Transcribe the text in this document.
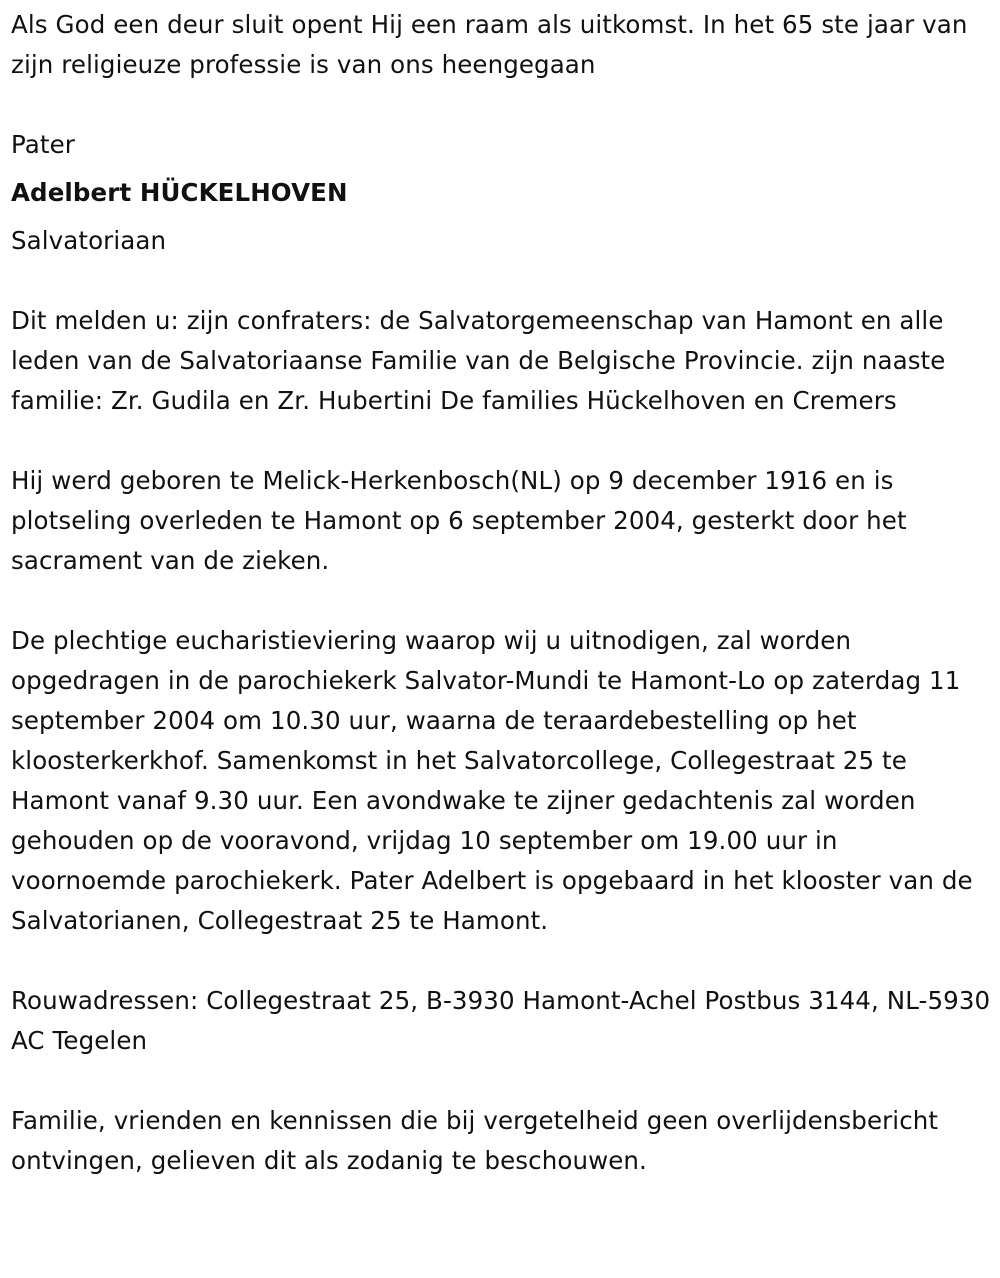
Als God een deur sluit opent Hij een raam als uitkomst. In het 65 ste jaar van zijn religieuze professie is van ons heengegaan

Pater

Adelbert HÜCKELHOVEN

Salvatoriaan

Dit melden u: zijn confraters: de Salvatorgemeenschap van Hamont en alle leden van de Salvatoriaanse Familie van de Belgische Provincie. zijn naaste familie: Zr. Gudila en Zr. Hubertini De families Hückelhoven en Cremers

Hij werd geboren te Melick-Herkenbosch(NL) op 9 december 1916 en is plotseling overleden te Hamont op 6 september 2004, gesterkt door het sacrament van de zieken.

De plechtige eucharistieviering waarop wij u uitnodigen, zal worden opgedragen in de parochiekerk Salvator-Mundi te Hamont-Lo op zaterdag 11 september 2004 om 10.30 uur, waarna de teraardebestelling op het kloosterkerkhof. Samenkomst in het Salvatorcollege, Collegestraat 25 te Hamont vanaf 9.30 uur. Een avondwake te zijner gedachtenis zal worden gehouden op de vooravond, vrijdag 10 september om 19.00 uur in voornoemde parochiekerk. Pater Adelbert is opgebaard in het klooster van de Salvatorianen, Collegestraat 25 te Hamont.

Rouwadressen: Collegestraat 25, B-3930 Hamont-Achel Postbus 3144, NL-5930 AC Tegelen

Familie, vrienden en kennissen die bij vergetelheid geen overlijdensbericht ontvingen, gelieven dit als zodanig te beschouwen.
